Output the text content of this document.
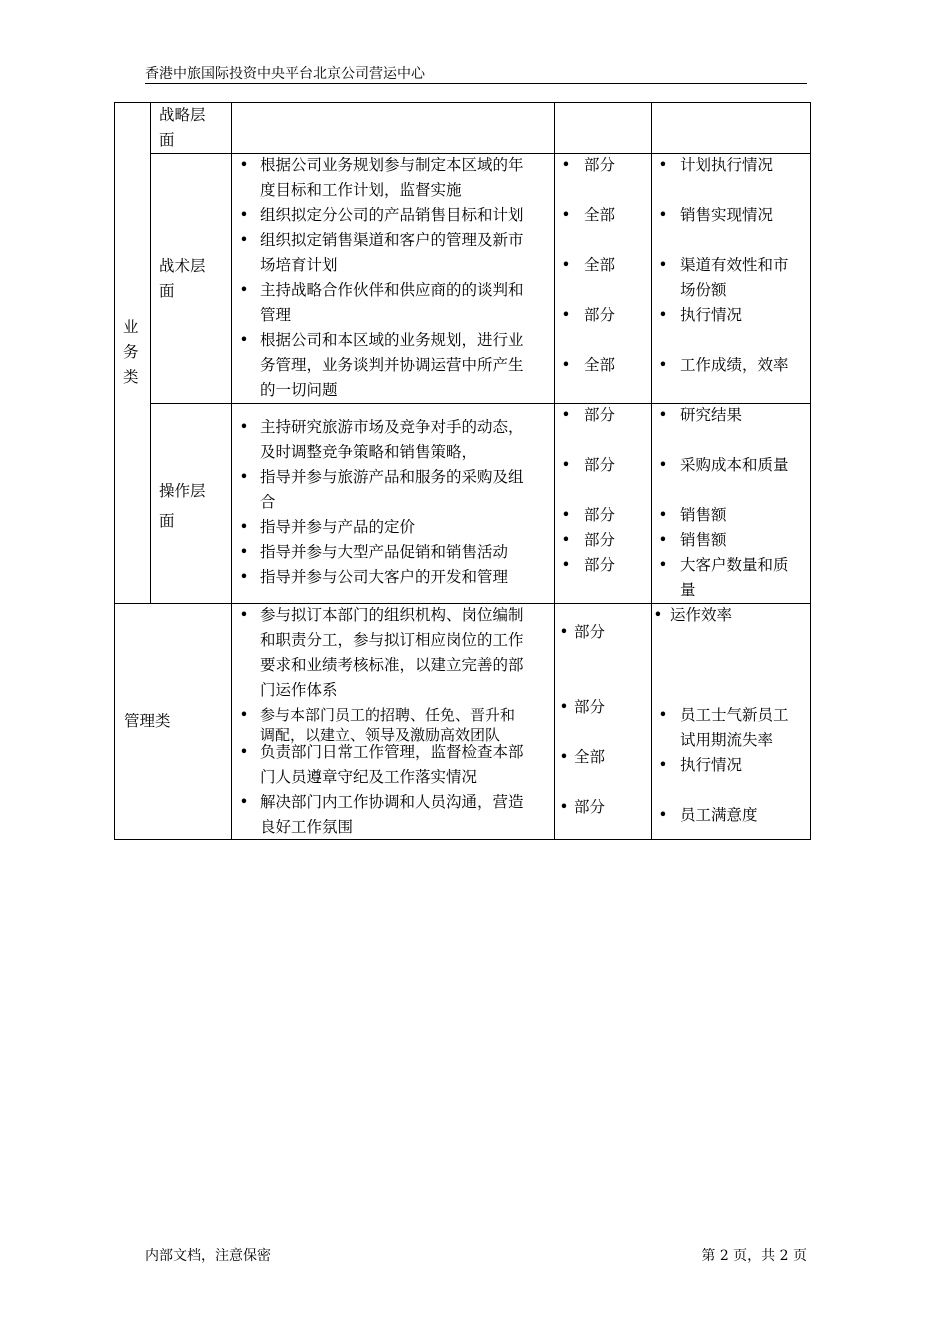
香港中旅国际投资中央平台北京公司营运中心
业
务
类
战略层
面
战术层
面
• 根据公司业务规划参与制定本区域的年
度目标和工作计划，监督实施
• 组织拟定分公司的产品销售目标和计划
• 组织拟定销售渠道和客户的管理及新市
场培育计划
• 主持战略合作伙伴和供应商的的谈判和
管理
• 根据公司和本区域的业务规划，进行业
务管理，业务谈判并协调运营中所产生
的一切问题
• 部分
• 全部
• 全部
• 部分
• 全部
• 计划执行情况
• 销售实现情况
• 渠道有效性和市
场份额
• 执行情况
• 工作成绩，效率
操作层
面
• 主持研究旅游市场及竞争对手的动态，
及时调整竞争策略和销售策略，
• 指导并参与旅游产品和服务的采购及组
合
• 指导并参与产品的定价
• 指导并参与大型产品促销和销售活动
• 指导并参与公司大客户的开发和管理
• 部分
• 部分
• 部分
• 部分
• 部分
• 研究结果
• 采购成本和质量
• 销售额
• 销售额
• 大客户数量和质
量
管理类
• 参与拟订本部门的组织机构、岗位编制
和职责分工，参与拟订相应岗位的工作
要求和业绩考核标准，以建立完善的部
门运作体系
• 参与本部门员工的招聘、任免、晋升和
调配，以建立、领导及激励高效团队
• 负责部门日常工作管理，监督检查本部
门人员遵章守纪及工作落实情况
• 解决部门内工作协调和人员沟通，营造
良好工作氛围
• 部分
• 部分
• 全部
• 部分
• 运作效率
• 员工士气新员工
试用期流失率
• 执行情况
• 员工满意度
内部文档，注意保密	第 2 页，共 2 页
